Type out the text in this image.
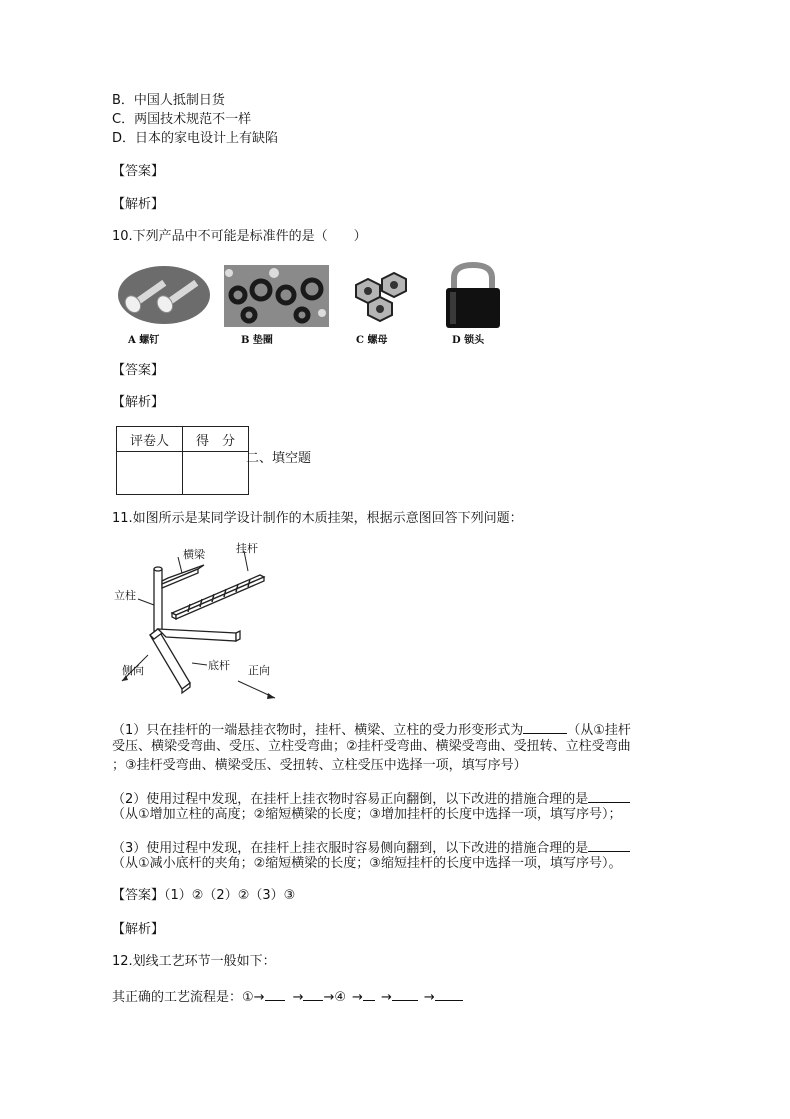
B．中国人抵制日货
C．两国技术规范不一样
D．日本的家电设计上有缺陷
【答案】
【解析】
10.下列产品中不可能是标准件的是（　　）
A 螺钉	B 垫圈	C 螺母	D 锁头
【答案】
【解析】
评卷人	得　分

二、填空题
11.如图所示是某同学设计制作的木质挂架，根据示意图回答下列问题：
横梁	挂杆
立柱
底杆
侧向	正向
（1）只在挂杆的一端悬挂衣物时，挂杆、横梁、立柱的受力形变形式为	（从①挂杆
受压、横梁受弯曲、受压、立柱受弯曲；②挂杆受弯曲、横梁受弯曲、受扭转、立柱受弯曲
；③挂杆受弯曲、横梁受压、受扭转、立柱受压中选择一项，填写序号）
（2）使用过程中发现，在挂杆上挂衣物时容易正向翻倒，以下改进的措施合理的是
（从①增加立柱的高度；②缩短横梁的长度；③增加挂杆的长度中选择一项，填写序号）；
（3）使用过程中发现，在挂杆上挂衣服时容易侧向翻到，以下改进的措施合理的是
（从①减小底杆的夹角；②缩短横梁的长度；③缩短挂杆的长度中选择一项，填写序号）。
【答案】（1）②（2）②（3）③
【解析】
12.划线工艺环节一般如下：
其正确的工艺流程是：①→ → →④ → → →
